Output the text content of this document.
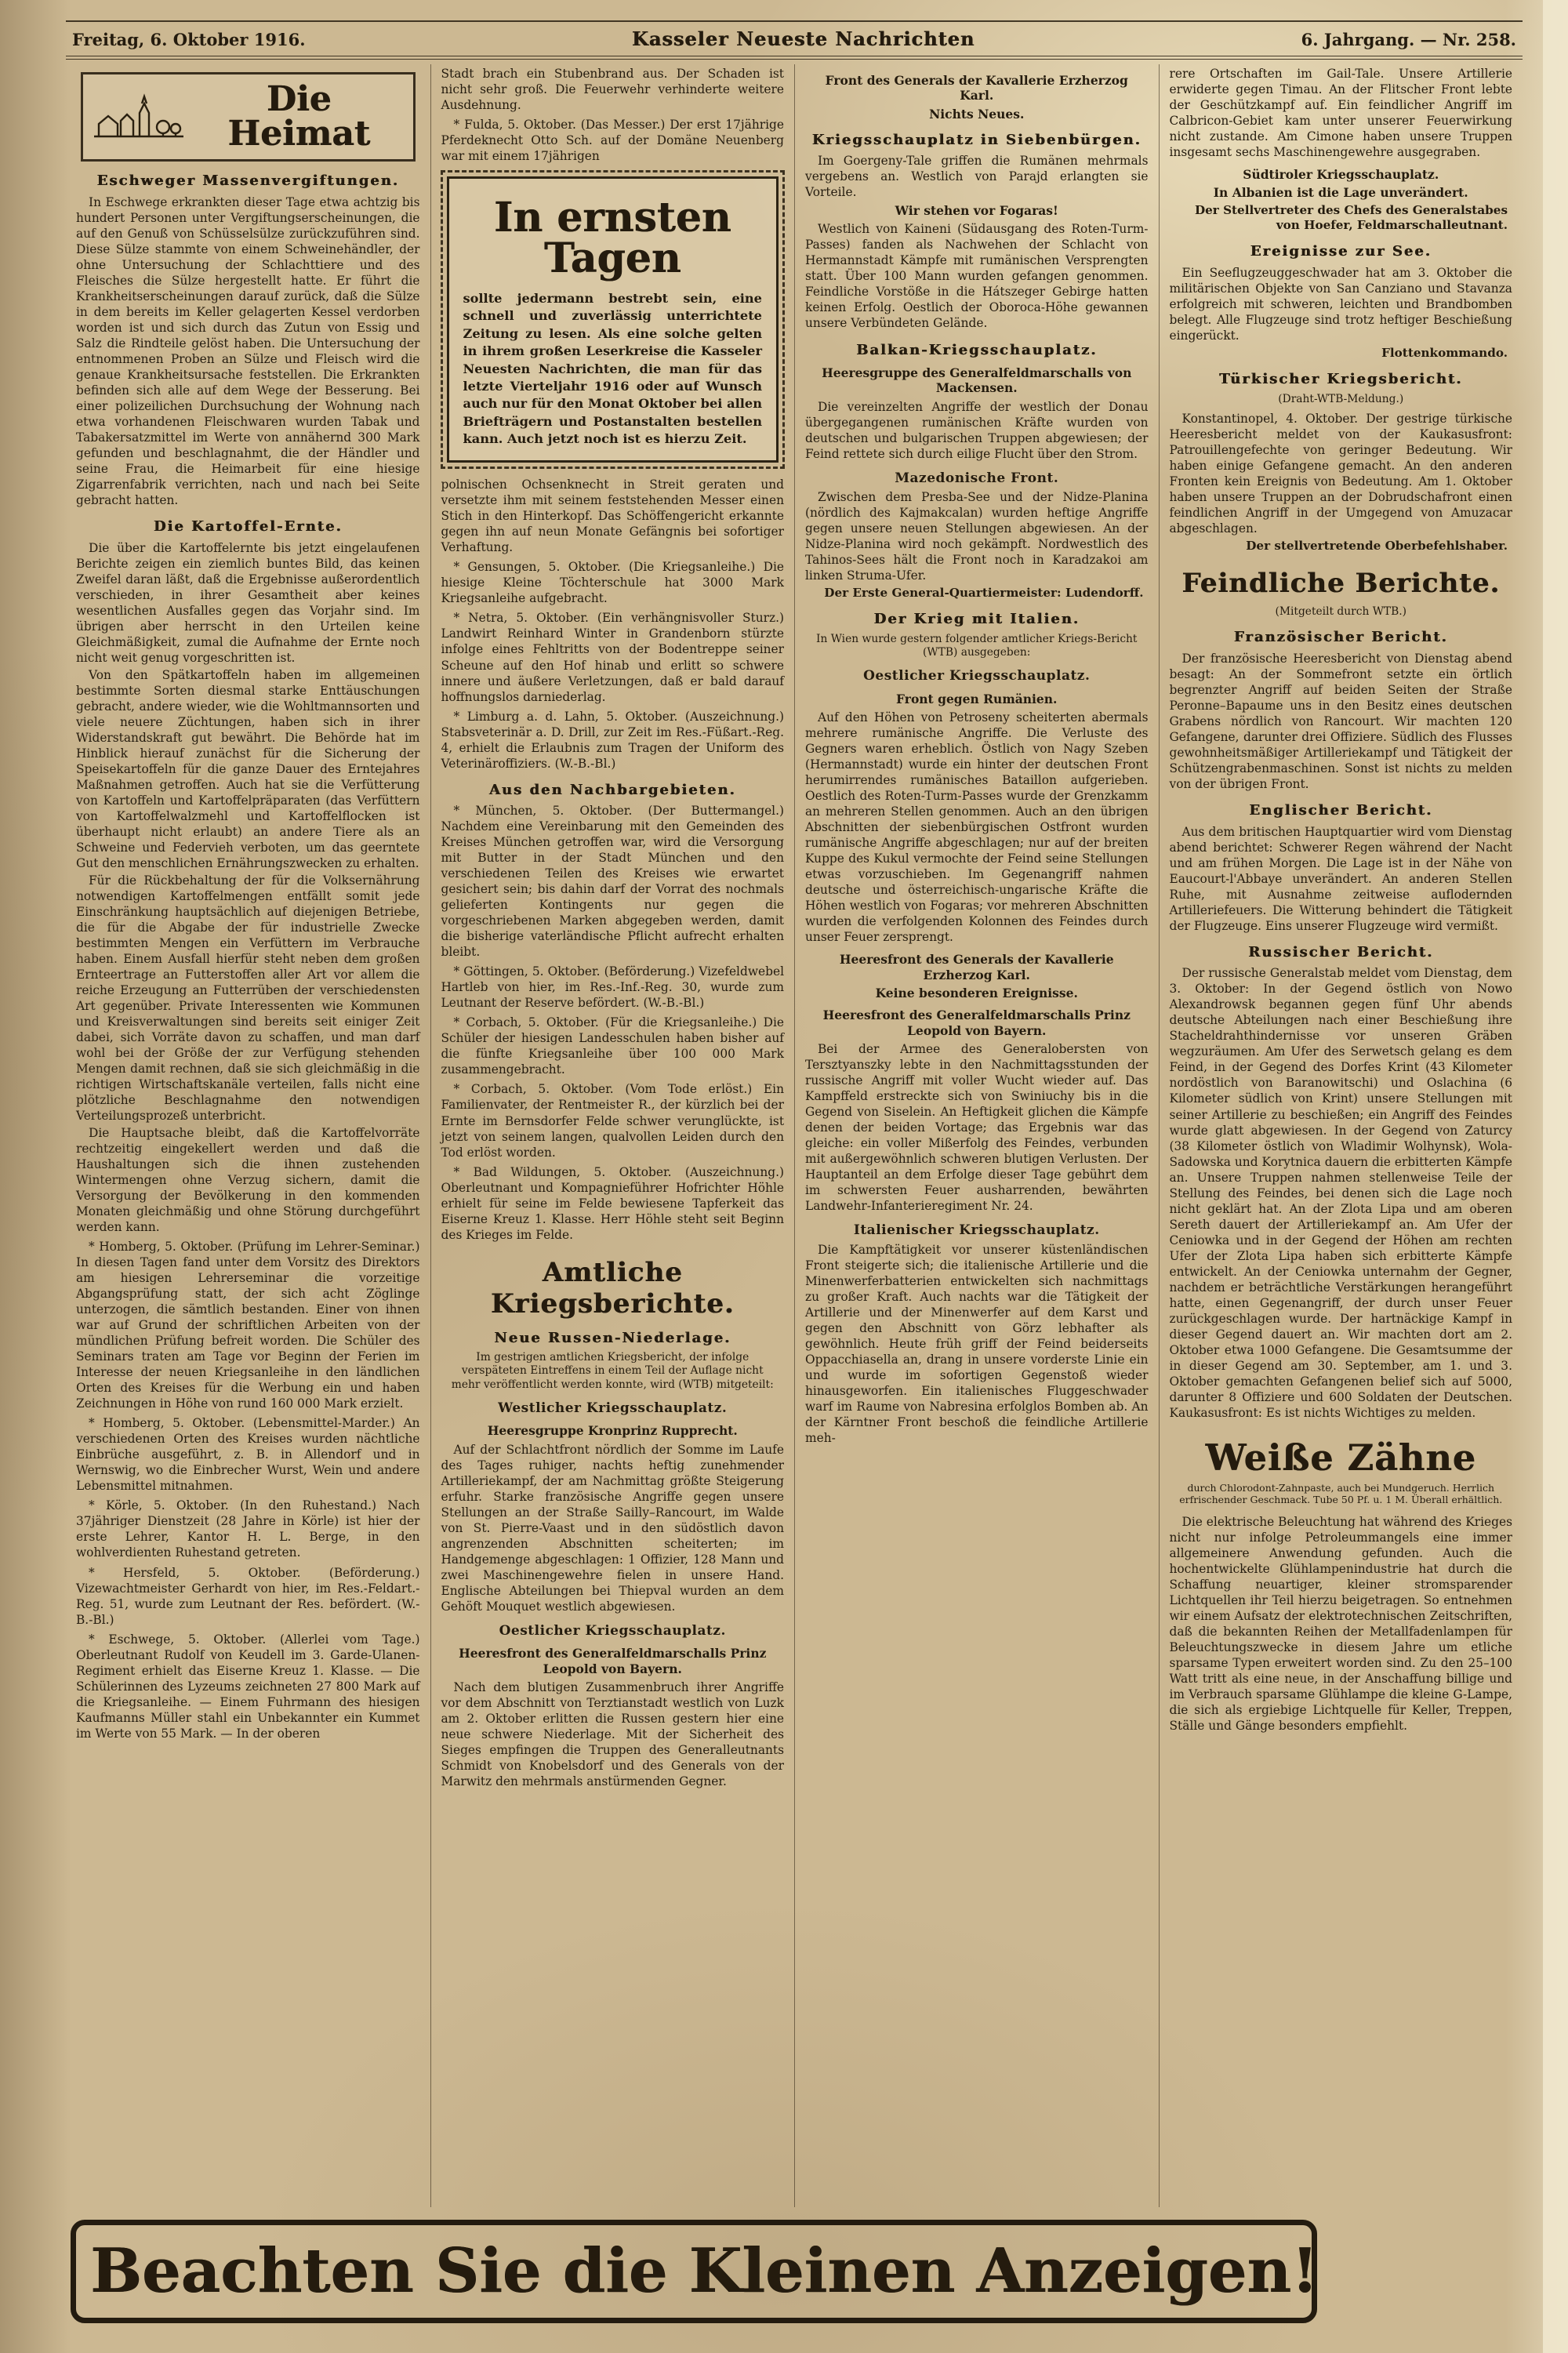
Freitag, 6. Oktober 1916.	Kasseler Neueste Nachrichten	6. Jahrgang. — Nr. 258.
Die Heimat
Eschweger Massenvergiftungen.
In Eschwege erkrankten dieser Tage etwa achtzig bis hundert Personen unter Vergiftungserscheinungen, die auf den Genuß von Schüsselsülze zurückzuführen sind. Diese Sülze stammte von einem Schweinehändler, der ohne Untersuchung der Schlachttiere und des Fleisches die Sülze hergestellt hatte. Er führt die Krankheitserscheinungen darauf zurück, daß die Sülze in dem bereits im Keller gelagerten Kessel verdorben worden ist und sich durch das Zutun von Essig und Salz die Rindteile gelöst haben. Die Untersuchung der entnommenen Proben an Sülze und Fleisch wird die genaue Krankheitsursache feststellen. Die Erkrankten befinden sich alle auf dem Wege der Besserung. Bei einer polizeilichen Durchsuchung der Wohnung nach etwa vorhandenen Fleischwaren wurden Tabak und Tabakersatzmittel im Werte von annähernd 300 Mark gefunden und beschlagnahmt, die der Händler und seine Frau, die Heimarbeit für eine hiesige Zigarrenfabrik verrichten, nach und nach bei Seite gebracht hatten.
Die Kartoffel-Ernte.
Die über die Kartoffelernte bis jetzt eingelaufenen Berichte zeigen ein ziemlich buntes Bild, das keinen Zweifel daran läßt, daß die Ergebnisse außerordentlich verschieden, in ihrer Gesamtheit aber keines wesentlichen Ausfalles gegen das Vorjahr sind. Im übrigen aber herrscht in den Urteilen keine Gleichmäßigkeit, zumal die Aufnahme der Ernte noch nicht weit genug vorgeschritten ist.
Von den Spätkartoffeln haben im allgemeinen bestimmte Sorten diesmal starke Enttäuschungen gebracht, andere wieder, wie die Wohltmannsorten und viele neuere Züchtungen, haben sich in ihrer Widerstandskraft gut bewährt. Die Behörde hat im Hinblick hierauf zunächst für die Sicherung der Speisekartoffeln für die ganze Dauer des Erntejahres Maßnahmen getroffen. Auch hat sie die Verfütterung von Kartoffeln und Kartoffelpräparaten (das Verfüttern von Kartoffelwalzmehl und Kartoffelflocken ist überhaupt nicht erlaubt) an andere Tiere als an Schweine und Federvieh verboten, um das geerntete Gut den menschlichen Ernährungszwecken zu erhalten.
Für die Rückbehaltung der für die Volksernährung notwendigen Kartoffelmengen entfällt somit jede Einschränkung hauptsächlich auf diejenigen Betriebe, die für die Abgabe der für industrielle Zwecke bestimmten Mengen ein Verfüttern im Verbrauche haben. Einem Ausfall hierfür steht neben dem großen Ernteertrage an Futterstoffen aller Art vor allem die reiche Erzeugung an Futterrüben der verschiedensten Art gegenüber. Private Interessenten wie Kommunen und Kreisverwaltungen sind bereits seit einiger Zeit dabei, sich Vorräte davon zu schaffen, und man darf wohl bei der Größe der zur Verfügung stehenden Mengen damit rechnen, daß sie sich gleichmäßig in die richtigen Wirtschaftskanäle verteilen, falls nicht eine plötzliche Beschlagnahme den notwendigen Verteilungsprozeß unterbricht.
Die Hauptsache bleibt, daß die Kartoffelvorräte rechtzeitig eingekellert werden und daß die Haushaltungen sich die ihnen zustehenden Wintermengen ohne Verzug sichern, damit die Versorgung der Bevölkerung in den kommenden Monaten gleichmäßig und ohne Störung durchgeführt werden kann.
* Homberg, 5. Oktober. (Prüfung im Lehrer-Seminar.) In diesen Tagen fand unter dem Vorsitz des Direktors am hiesigen Lehrerseminar die vorzeitige Abgangsprüfung statt, der sich acht Zöglinge unterzogen, die sämtlich bestanden. Einer von ihnen war auf Grund der schriftlichen Arbeiten von der mündlichen Prüfung befreit worden. Die Schüler des Seminars traten am Tage vor Beginn der Ferien im Interesse der neuen Kriegsanleihe in den ländlichen Orten des Kreises für die Werbung ein und haben Zeichnungen in Höhe von rund 160 000 Mark erzielt.
* Homberg, 5. Oktober. (Lebensmittel-Marder.) An verschiedenen Orten des Kreises wurden nächtliche Einbrüche ausgeführt, z. B. in Allendorf und in Wernswig, wo die Einbrecher Wurst, Wein und andere Lebensmittel mitnahmen.
* Körle, 5. Oktober. (In den Ruhestand.) Nach 37jähriger Dienstzeit (28 Jahre in Körle) ist hier der erste Lehrer, Kantor H. L. Berge, in den wohlverdienten Ruhestand getreten.
* Hersfeld, 5. Oktober. (Beförderung.) Vizewachtmeister Gerhardt von hier, im Res.-Feldart.-Reg. 51, wurde zum Leutnant der Res. befördert. (W.-B.-Bl.)
* Eschwege, 5. Oktober. (Allerlei vom Tage.) Oberleutnant Rudolf von Keudell im 3. Garde-Ulanen-Regiment erhielt das Eiserne Kreuz 1. Klasse. — Die Schülerinnen des Lyzeums zeichneten 27 800 Mark auf die Kriegsanleihe. — Einem Fuhrmann des hiesigen Kaufmanns Müller stahl ein Unbekannter ein Kummet im Werte von 55 Mark. — In der oberen
Stadt brach ein Stubenbrand aus. Der Schaden ist nicht sehr groß. Die Feuerwehr verhinderte weitere Ausdehnung.
* Fulda, 5. Oktober. (Das Messer.) Der erst 17jährige Pferdeknecht Otto Sch. auf der Domäne Neuenberg war mit einem 17jährigen
In ernsten Tagen
sollte jedermann bestrebt sein, eine schnell und zuverlässig unterrichtete Zeitung zu lesen. Als eine solche gelten in ihrem großen Leserkreise die Kasseler Neuesten Nachrichten, die man für das letzte Vierteljahr 1916 oder auf Wunsch auch nur für den Monat Oktober bei allen Briefträgern und Postanstalten bestellen kann. Auch jetzt noch ist es hierzu Zeit.
polnischen Ochsenknecht in Streit geraten und versetzte ihm mit seinem feststehenden Messer einen Stich in den Hinterkopf. Das Schöffengericht erkannte gegen ihn auf neun Monate Gefängnis bei sofortiger Verhaftung.
* Gensungen, 5. Oktober. (Die Kriegsanleihe.) Die hiesige Kleine Töchterschule hat 3000 Mark Kriegsanleihe aufgebracht.
* Netra, 5. Oktober. (Ein verhängnisvoller Sturz.) Landwirt Reinhard Winter in Grandenborn stürzte infolge eines Fehltritts von der Bodentreppe seiner Scheune auf den Hof hinab und erlitt so schwere innere und äußere Verletzungen, daß er bald darauf hoffnungslos darniederlag.
* Limburg a. d. Lahn, 5. Oktober. (Auszeichnung.) Stabsveterinär a. D. Drill, zur Zeit im Res.-Füßart.-Reg. 4, erhielt die Erlaubnis zum Tragen der Uniform des Veterinäroffiziers. (W.-B.-Bl.)
Aus den Nachbargebieten.
* München, 5. Oktober. (Der Buttermangel.) Nachdem eine Vereinbarung mit den Gemeinden des Kreises München getroffen war, wird die Versorgung mit Butter in der Stadt München und den verschiedenen Teilen des Kreises wie erwartet gesichert sein; bis dahin darf der Vorrat des nochmals gelieferten Kontingents nur gegen die vorgeschriebenen Marken abgegeben werden, damit die bisherige vaterländische Pflicht aufrecht erhalten bleibt.
* Göttingen, 5. Oktober. (Beförderung.) Vizefeldwebel Hartleb von hier, im Res.-Inf.-Reg. 30, wurde zum Leutnant der Reserve befördert. (W.-B.-Bl.)
* Corbach, 5. Oktober. (Für die Kriegsanleihe.) Die Schüler der hiesigen Landesschulen haben bisher auf die fünfte Kriegsanleihe über 100 000 Mark zusammengebracht.
* Corbach, 5. Oktober. (Vom Tode erlöst.) Ein Familienvater, der Rentmeister R., der kürzlich bei der Ernte im Bernsdorfer Felde schwer verunglückte, ist jetzt von seinem langen, qualvollen Leiden durch den Tod erlöst worden.
* Bad Wildungen, 5. Oktober. (Auszeichnung.) Oberleutnant und Kompagnieführer Hofrichter Höhle erhielt für seine im Felde bewiesene Tapferkeit das Eiserne Kreuz 1. Klasse. Herr Höhle steht seit Beginn des Krieges im Felde.
Amtliche Kriegsberichte.
Neue Russen-Niederlage.
Im gestrigen amtlichen Kriegsbericht, der infolge verspäteten Eintreffens in einem Teil der Auflage nicht mehr veröffentlicht werden konnte, wird (WTB) mitgeteilt:
Westlicher Kriegsschauplatz.
Heeresgruppe Kronprinz Rupprecht.
Auf der Schlachtfront nördlich der Somme im Laufe des Tages ruhiger, nachts heftig zunehmender Artilleriekampf, der am Nachmittag größte Steigerung erfuhr. Starke französische Angriffe gegen unsere Stellungen an der Straße Sailly–Rancourt, im Walde von St. Pierre-Vaast und in den südöstlich davon angrenzenden Abschnitten scheiterten; im Handgemenge abgeschlagen: 1 Offizier, 128 Mann und zwei Maschinengewehre fielen in unsere Hand. Englische Abteilungen bei Thiepval wurden an dem Gehöft Mouquet westlich abgewiesen.
Oestlicher Kriegsschauplatz.
Heeresfront des Generalfeldmarschalls Prinz Leopold von Bayern.
Nach dem blutigen Zusammenbruch ihrer Angriffe vor dem Abschnitt von Terztianstadt westlich von Luzk am 2. Oktober erlitten die Russen gestern hier eine neue schwere Niederlage. Mit der Sicherheit des Sieges empfingen die Truppen des Generalleutnants Schmidt von Knobelsdorf und des Generals von der Marwitz den mehrmals anstürmenden Gegner.
Front des Generals der Kavallerie Erzherzog Karl.
Nichts Neues.
Kriegsschauplatz in Siebenbürgen.
Im Goergeny-Tale griffen die Rumänen mehrmals vergebens an. Westlich von Parajd erlangten sie Vorteile.
Wir stehen vor Fogaras!
Westlich von Kaineni (Südausgang des Roten-Turm-Passes) fanden als Nachwehen der Schlacht von Hermannstadt Kämpfe mit rumänischen Versprengten statt. Über 100 Mann wurden gefangen genommen. Feindliche Vorstöße in die Hátszeger Gebirge hatten keinen Erfolg. Oestlich der Oboroca-Höhe gewannen unsere Verbündeten Gelände.
Balkan-Kriegsschauplatz.
Heeresgruppe des Generalfeldmarschalls von Mackensen.
Die vereinzelten Angriffe der westlich der Donau übergegangenen rumänischen Kräfte wurden von deutschen und bulgarischen Truppen abgewiesen; der Feind rettete sich durch eilige Flucht über den Strom.
Mazedonische Front.
Zwischen dem Presba-See und der Nidze-Planina (nördlich des Kajmakcalan) wurden heftige Angriffe gegen unsere neuen Stellungen abgewiesen. An der Nidze-Planina wird noch gekämpft. Nordwestlich des Tahinos-Sees hält die Front noch in Karadzakoi am linken Struma-Ufer.
Der Erste General-Quartiermeister: Ludendorff.
Der Krieg mit Italien.
In Wien wurde gestern folgender amtlicher Kriegs-Bericht (WTB) ausgegeben:
Oestlicher Kriegsschauplatz.
Front gegen Rumänien.
Auf den Höhen von Petroseny scheiterten abermals mehrere rumänische Angriffe. Die Verluste des Gegners waren erheblich. Östlich von Nagy Szeben (Hermannstadt) wurde ein hinter der deutschen Front herumirrendes rumänisches Bataillon aufgerieben. Oestlich des Roten-Turm-Passes wurde der Grenzkamm an mehreren Stellen genommen. Auch an den übrigen Abschnitten der siebenbürgischen Ostfront wurden rumänische Angriffe abgeschlagen; nur auf der breiten Kuppe des Kukul vermochte der Feind seine Stellungen etwas vorzuschieben. Im Gegenangriff nahmen deutsche und österreichisch-ungarische Kräfte die Höhen westlich von Fogaras; vor mehreren Abschnitten wurden die verfolgenden Kolonnen des Feindes durch unser Feuer zersprengt.
Heeresfront des Generals der Kavallerie Erzherzog Karl.
Keine besonderen Ereignisse.
Heeresfront des Generalfeldmarschalls Prinz Leopold von Bayern.
Bei der Armee des Generalobersten von Tersztyanszky lebte in den Nachmittagsstunden der russische Angriff mit voller Wucht wieder auf. Das Kampffeld erstreckte sich von Swiniuchy bis in die Gegend von Siselein. An Heftigkeit glichen die Kämpfe denen der beiden Vortage; das Ergebnis war das gleiche: ein voller Mißerfolg des Feindes, verbunden mit außergewöhnlich schweren blutigen Verlusten. Der Hauptanteil an dem Erfolge dieser Tage gebührt dem im schwersten Feuer ausharrenden, bewährten Landwehr-Infanterieregiment Nr. 24.
Italienischer Kriegsschauplatz.
Die Kampftätigkeit vor unserer küstenländischen Front steigerte sich; die italienische Artillerie und die Minenwerferbatterien entwickelten sich nachmittags zu großer Kraft. Auch nachts war die Tätigkeit der Artillerie und der Minenwerfer auf dem Karst und gegen den Abschnitt von Görz lebhafter als gewöhnlich. Heute früh griff der Feind beiderseits Oppacchiasella an, drang in unsere vorderste Linie ein und wurde im sofortigen Gegenstoß wieder hinausgeworfen. Ein italienisches Fluggeschwader warf im Raume von Nabresina erfolglos Bomben ab. An der Kärntner Front beschoß die feindliche Artillerie meh-
rere Ortschaften im Gail-Tale. Unsere Artillerie erwiderte gegen Timau. An der Flitscher Front lebte der Geschützkampf auf. Ein feindlicher Angriff im Calbricon-Gebiet kam unter unserer Feuerwirkung nicht zustande. Am Cimone haben unsere Truppen insgesamt sechs Maschinengewehre ausgegraben.
Südtiroler Kriegsschauplatz.
In Albanien ist die Lage unverändert.
Der Stellvertreter des Chefs des Generalstabes von Hoefer, Feldmarschalleutnant.
Ereignisse zur See.
Ein Seeflugzeuggeschwader hat am 3. Oktober die militärischen Objekte von San Canziano und Stavanza erfolgreich mit schweren, leichten und Brandbomben belegt. Alle Flugzeuge sind trotz heftiger Beschießung eingerückt.
Flottenkommando.
Türkischer Kriegsbericht.
(Draht-WTB-Meldung.)
Konstantinopel, 4. Oktober. Der gestrige türkische Heeresbericht meldet von der Kaukasusfront: Patrouillengefechte von geringer Bedeutung. Wir haben einige Gefangene gemacht. An den anderen Fronten kein Ereignis von Bedeutung. Am 1. Oktober haben unsere Truppen an der Dobrudschafront einen feindlichen Angriff in der Umgegend von Amuzacar abgeschlagen.
Der stellvertretende Oberbefehlshaber.
Feindliche Berichte.
(Mitgeteilt durch WTB.)
Französischer Bericht.
Der französische Heeresbericht von Dienstag abend besagt: An der Sommefront setzte ein örtlich begrenzter Angriff auf beiden Seiten der Straße Peronne–Bapaume uns in den Besitz eines deutschen Grabens nördlich von Rancourt. Wir machten 120 Gefangene, darunter drei Offiziere. Südlich des Flusses gewohnheitsmäßiger Artilleriekampf und Tätigkeit der Schützengrabenmaschinen. Sonst ist nichts zu melden von der übrigen Front.
Englischer Bericht.
Aus dem britischen Hauptquartier wird vom Dienstag abend berichtet: Schwerer Regen während der Nacht und am frühen Morgen. Die Lage ist in der Nähe von Eaucourt-l'Abbaye unverändert. An anderen Stellen Ruhe, mit Ausnahme zeitweise auflodernden Artilleriefeuers. Die Witterung behindert die Tätigkeit der Flugzeuge. Eins unserer Flugzeuge wird vermißt.
Russischer Bericht.
Der russische Generalstab meldet vom Dienstag, dem 3. Oktober: In der Gegend östlich von Nowo Alexandrowsk begannen gegen fünf Uhr abends deutsche Abteilungen nach einer Beschießung ihre Stacheldrahthindernisse vor unseren Gräben wegzuräumen. Am Ufer des Serwetsch gelang es dem Feind, in der Gegend des Dorfes Krint (43 Kilometer nordöstlich von Baranowitschi) und Oslachina (6 Kilometer südlich von Krint) unsere Stellungen mit seiner Artillerie zu beschießen; ein Angriff des Feindes wurde glatt abgewiesen. In der Gegend von Zaturcy (38 Kilometer östlich von Wladimir Wolhynsk), Wola-Sadowska und Korytnica dauern die erbitterten Kämpfe an. Unsere Truppen nahmen stellenweise Teile der Stellung des Feindes, bei denen sich die Lage noch nicht geklärt hat. An der Zlota Lipa und am oberen Sereth dauert der Artilleriekampf an. Am Ufer der Ceniowka und in der Gegend der Höhen am rechten Ufer der Zlota Lipa haben sich erbitterte Kämpfe entwickelt. An der Ceniowka unternahm der Gegner, nachdem er beträchtliche Verstärkungen herangeführt hatte, einen Gegenangriff, der durch unser Feuer zurückgeschlagen wurde. Der hartnäckige Kampf in dieser Gegend dauert an. Wir machten dort am 2. Oktober etwa 1000 Gefangene. Die Gesamtsumme der in dieser Gegend am 30. September, am 1. und 3. Oktober gemachten Gefangenen belief sich auf 5000, darunter 8 Offiziere und 600 Soldaten der Deutschen. Kaukasusfront: Es ist nichts Wichtiges zu melden.
Weiße Zähne
durch Chlorodont-Zahnpaste, auch bei Mundgeruch. Herrlich erfrischender Geschmack. Tube 50 Pf. u. 1 M. Überall erhältlich.
Die elektrische Beleuchtung hat während des Krieges nicht nur infolge Petroleummangels eine immer allgemeinere Anwendung gefunden. Auch die hochentwickelte Glühlampenindustrie hat durch die Schaffung neuartiger, kleiner stromsparender Lichtquellen ihr Teil hierzu beigetragen. So entnehmen wir einem Aufsatz der elektrotechnischen Zeitschriften, daß die bekannten Reihen der Metallfadenlampen für Beleuchtungszwecke in diesem Jahre um etliche sparsame Typen erweitert worden sind. Zu den 25–100 Watt tritt als eine neue, in der Anschaffung billige und im Verbrauch sparsame Glühlampe die kleine G-Lampe, die sich als ergiebige Lichtquelle für Keller, Treppen, Ställe und Gänge besonders empfiehlt.
Beachten Sie die Kleinen Anzeigen!
